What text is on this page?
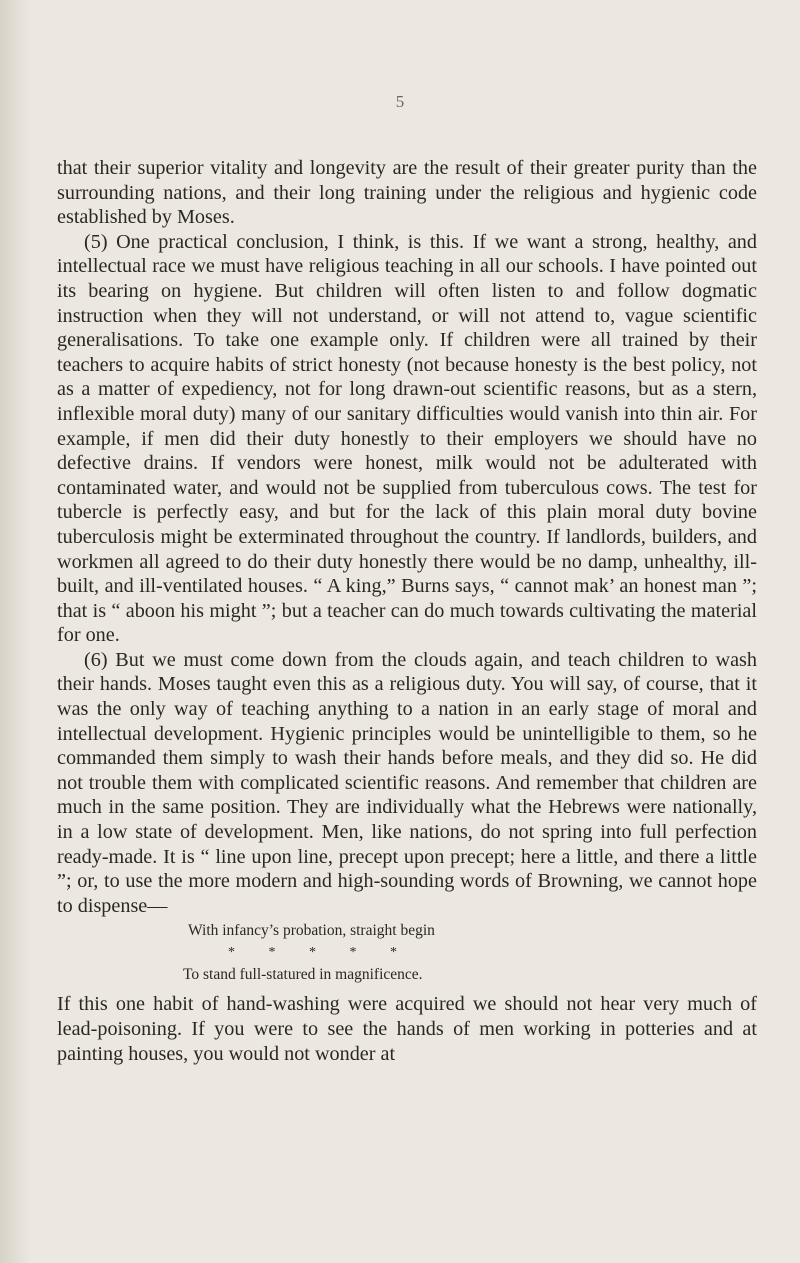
5

that their superior vitality and longevity are the result of their greater purity than the surrounding nations, and their long training under the religious and hygienic code established by Moses.

(5) One practical conclusion, I think, is this. If we want a strong, healthy, and intellectual race we must have religious teaching in all our schools. I have pointed out its bearing on hygiene. But children will often listen to and follow dogmatic instruction when they will not understand, or will not attend to, vague scientific generalisations. To take one example only. If children were all trained by their teachers to acquire habits of strict honesty (not because honesty is the best policy, not as a matter of expediency, not for long drawn-out scientific reasons, but as a stern, inflexible moral duty) many of our sanitary difficulties would vanish into thin air. For example, if men did their duty honestly to their employers we should have no defective drains. If vendors were honest, milk would not be adulterated with contaminated water, and would not be supplied from tuberculous cows. The test for tubercle is perfectly easy, and but for the lack of this plain moral duty bovine tuberculosis might be exterminated throughout the country. If landlords, builders, and workmen all agreed to do their duty honestly there would be no damp, unhealthy, ill-built, and ill-ventilated houses. “ A king,” Burns says, “ cannot mak’ an honest man ”; that is “ aboon his might ”; but a teacher can do much towards cultivating the material for one.

(6) But we must come down from the clouds again, and teach children to wash their hands. Moses taught even this as a religious duty. You will say, of course, that it was the only way of teaching anything to a nation in an early stage of moral and intellectual development. Hygienic principles would be unintelligible to them, so he commanded them simply to wash their hands before meals, and they did so. He did not trouble them with complicated scientific reasons. And remember that children are much in the same position. They are individually what the Hebrews were nationally, in a low state of development. Men, like nations, do not spring into full perfection ready-made. It is “ line upon line, precept upon precept; here a little, and there a little ”; or, to use the more modern and high-sounding words of Browning, we cannot hope to dispense—

With infancy’s probation, straight begin

* * * * *

To stand full-statured in magnificence.

If this one habit of hand-washing were acquired we should not hear very much of lead-poisoning. If you were to see the hands of men working in potteries and at painting houses, you would not wonder at
